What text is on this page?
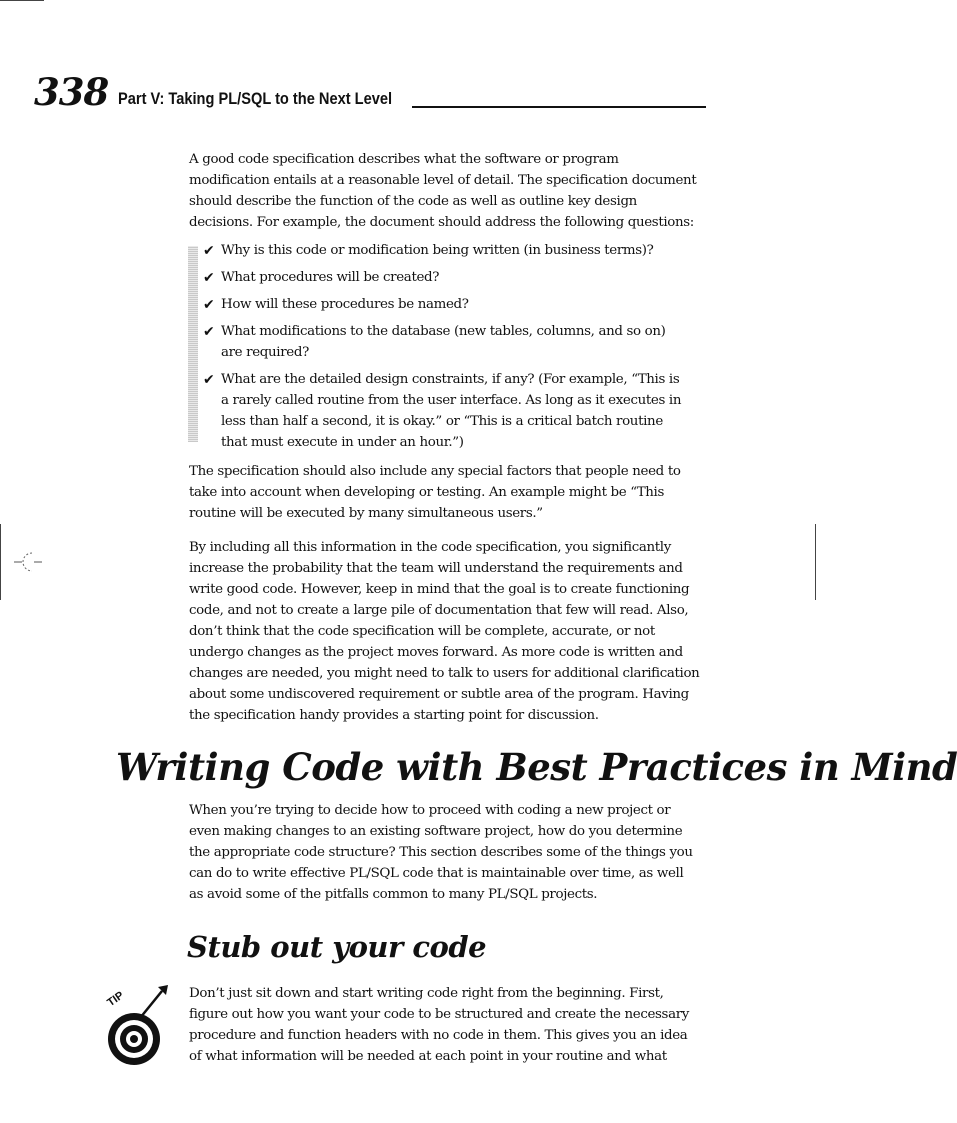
338 Part V: Taking PL/SQL to the Next Level

A good code specification describes what the software or program modification entails at a reasonable level of detail. The specification document should describe the function of the code as well as outline key design decisions. For example, the document should address the following questions:

✔ Why is this code or modification being written (in business terms)?
✔ What procedures will be created?
✔ How will these procedures be named?
✔ What modifications to the database (new tables, columns, and so on) are required?
✔ What are the detailed design constraints, if any? (For example, “This is a rarely called routine from the user interface. As long as it executes in less than half a second, it is okay.” or “This is a critical batch routine that must execute in under an hour.”)

The specification should also include any special factors that people need to take into account when developing or testing. An example might be “This routine will be executed by many simultaneous users.”

By including all this information in the code specification, you significantly increase the probability that the team will understand the requirements and write good code. However, keep in mind that the goal is to create functioning code, and not to create a large pile of documentation that few will read. Also, don’t think that the code specification will be complete, accurate, or not undergo changes as the project moves forward. As more code is written and changes are needed, you might need to talk to users for additional clarification about some undiscovered requirement or subtle area of the program. Having the specification handy provides a starting point for discussion.

Writing Code with Best Practices in Mind

When you’re trying to decide how to proceed with coding a new project or even making changes to an existing software project, how do you determine the appropriate code structure? This section describes some of the things you can do to write effective PL/SQL code that is maintainable over time, as well as avoid some of the pitfalls common to many PL/SQL projects.

Stub out your code
TIP	Don’t just sit down and start writing code right from the beginning. First, figure out how you want your code to be structured and create the necessary procedure and function headers with no code in them. This gives you an idea of what information will be needed at each point in your routine and what
